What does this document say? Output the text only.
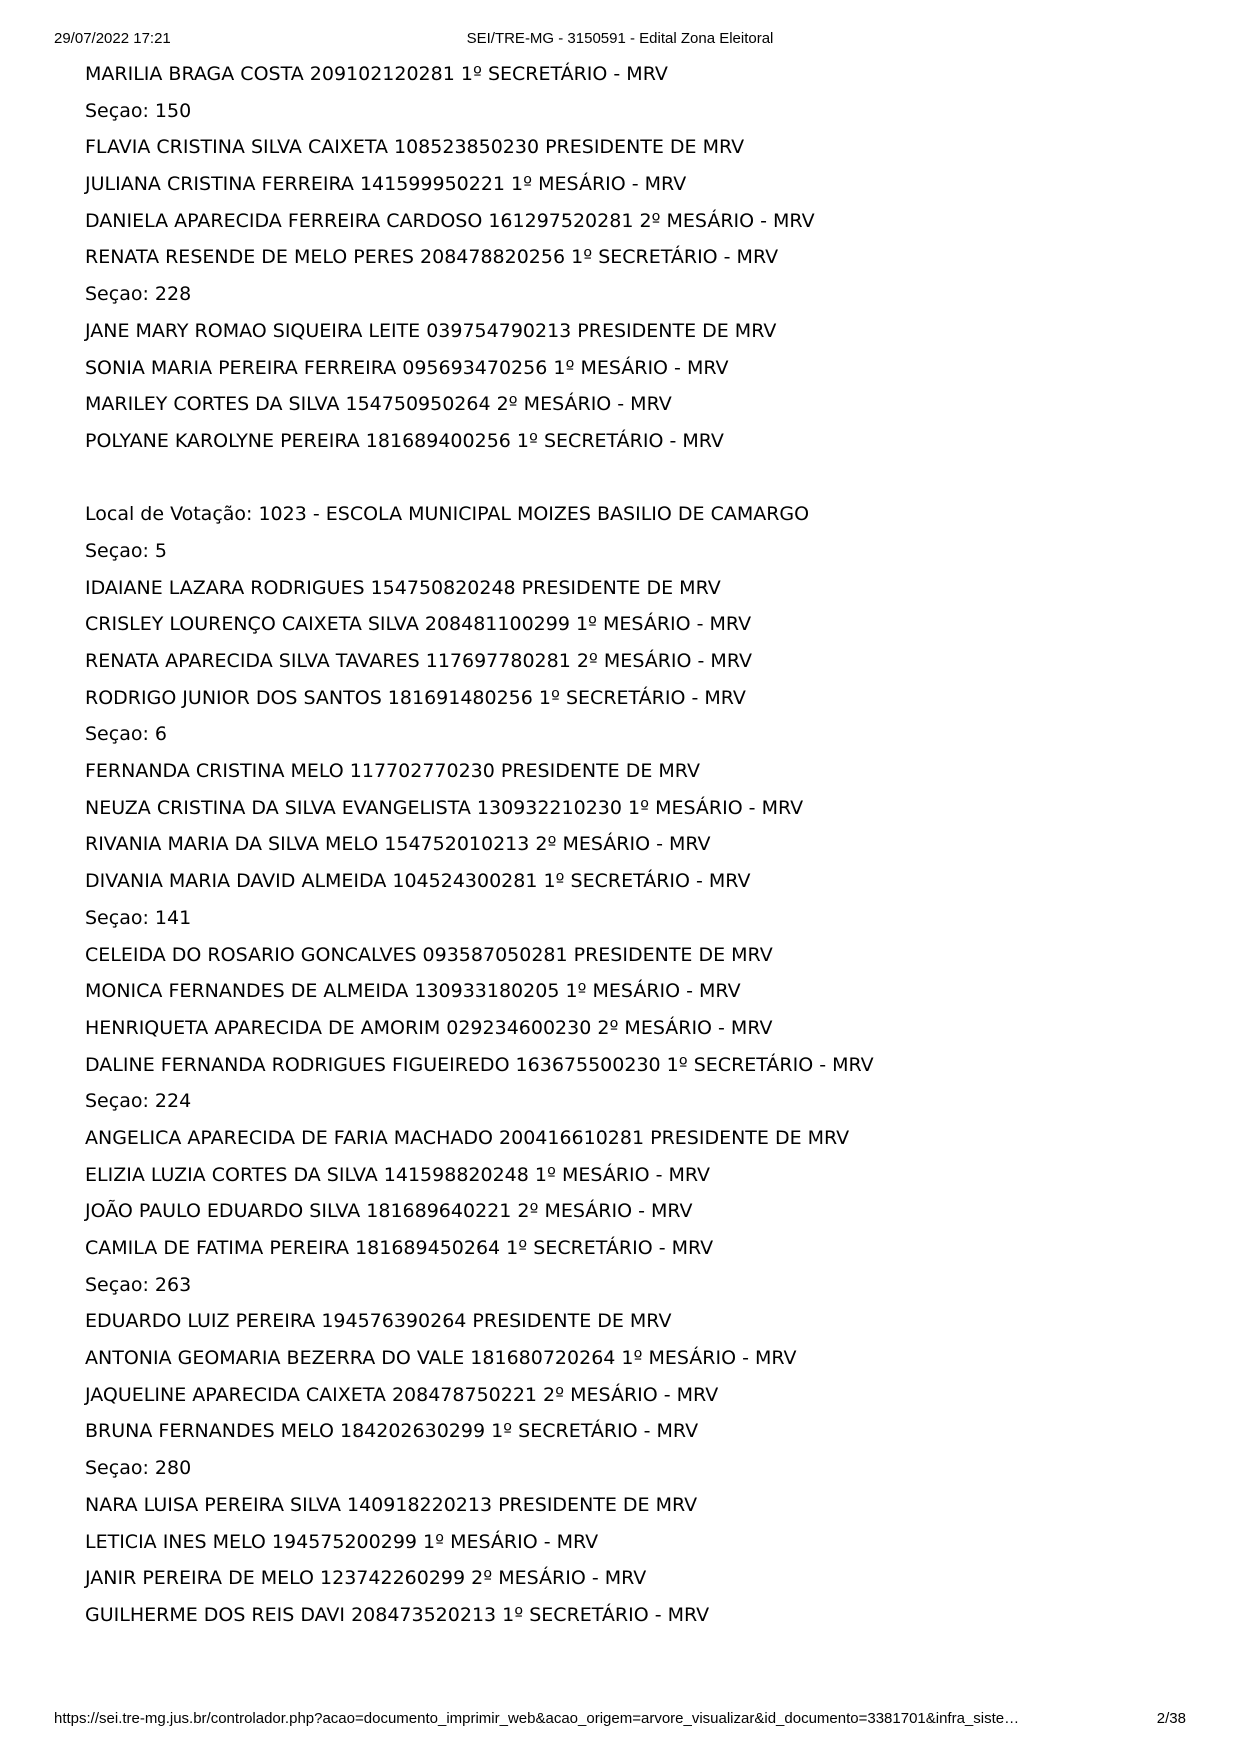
29/07/2022 17:21	SEI/TRE-MG - 3150591 - Edital Zona Eleitoral
MARILIA BRAGA COSTA 209102120281 1º SECRETÁRIO - MRV
Seçao: 150
FLAVIA CRISTINA SILVA CAIXETA 108523850230 PRESIDENTE DE MRV
JULIANA CRISTINA FERREIRA 141599950221 1º MESÁRIO - MRV
DANIELA APARECIDA FERREIRA CARDOSO 161297520281 2º MESÁRIO - MRV
RENATA RESENDE DE MELO PERES 208478820256 1º SECRETÁRIO - MRV
Seçao: 228
JANE MARY ROMAO SIQUEIRA LEITE 039754790213 PRESIDENTE DE MRV
SONIA MARIA PEREIRA FERREIRA 095693470256 1º MESÁRIO - MRV
MARILEY CORTES DA SILVA 154750950264 2º MESÁRIO - MRV
POLYANE KAROLYNE PEREIRA 181689400256 1º SECRETÁRIO - MRV
Local de Votação: 1023 - ESCOLA MUNICIPAL MOIZES BASILIO DE CAMARGO
Seçao: 5
IDAIANE LAZARA RODRIGUES 154750820248 PRESIDENTE DE MRV
CRISLEY LOURENÇO CAIXETA SILVA 208481100299 1º MESÁRIO - MRV
RENATA APARECIDA SILVA TAVARES 117697780281 2º MESÁRIO - MRV
RODRIGO JUNIOR DOS SANTOS 181691480256 1º SECRETÁRIO - MRV
Seçao: 6
FERNANDA CRISTINA MELO 117702770230 PRESIDENTE DE MRV
NEUZA CRISTINA DA SILVA EVANGELISTA 130932210230 1º MESÁRIO - MRV
RIVANIA MARIA DA SILVA MELO 154752010213 2º MESÁRIO - MRV
DIVANIA MARIA DAVID ALMEIDA 104524300281 1º SECRETÁRIO - MRV
Seçao: 141
CELEIDA DO ROSARIO GONCALVES 093587050281 PRESIDENTE DE MRV
MONICA FERNANDES DE ALMEIDA 130933180205 1º MESÁRIO - MRV
HENRIQUETA APARECIDA DE AMORIM 029234600230 2º MESÁRIO - MRV
DALINE FERNANDA RODRIGUES FIGUEIREDO 163675500230 1º SECRETÁRIO - MRV
Seçao: 224
ANGELICA APARECIDA DE FARIA MACHADO 200416610281 PRESIDENTE DE MRV
ELIZIA LUZIA CORTES DA SILVA 141598820248 1º MESÁRIO - MRV
JOÃO PAULO EDUARDO SILVA 181689640221 2º MESÁRIO - MRV
CAMILA DE FATIMA PEREIRA 181689450264 1º SECRETÁRIO - MRV
Seçao: 263
EDUARDO LUIZ PEREIRA 194576390264 PRESIDENTE DE MRV
ANTONIA GEOMARIA BEZERRA DO VALE 181680720264 1º MESÁRIO - MRV
JAQUELINE APARECIDA CAIXETA 208478750221 2º MESÁRIO - MRV
BRUNA FERNANDES MELO 184202630299 1º SECRETÁRIO - MRV
Seçao: 280
NARA LUISA PEREIRA SILVA 140918220213 PRESIDENTE DE MRV
LETICIA INES MELO 194575200299 1º MESÁRIO - MRV
JANIR PEREIRA DE MELO 123742260299 2º MESÁRIO - MRV
GUILHERME DOS REIS DAVI 208473520213 1º SECRETÁRIO - MRV
https://sei.tre-mg.jus.br/controlador.php?acao=documento_imprimir_web&acao_origem=arvore_visualizar&id_documento=3381701&infra_siste…	2/38
